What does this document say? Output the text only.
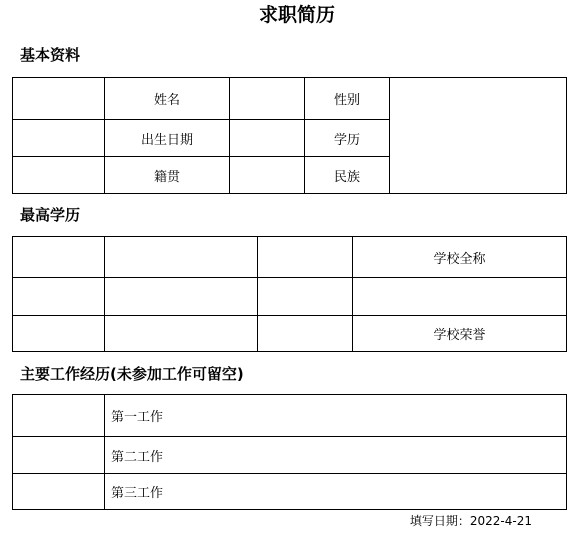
求职简历
基本资料
	姓名		性别	
	出生日期		学历	
	籍贯		民族	
最高学历
			学校全称

			学校荣誉
主要工作经历(未参加工作可留空)
	第一工作
	第二工作
	第三工作
填写日期：2022-4-21
